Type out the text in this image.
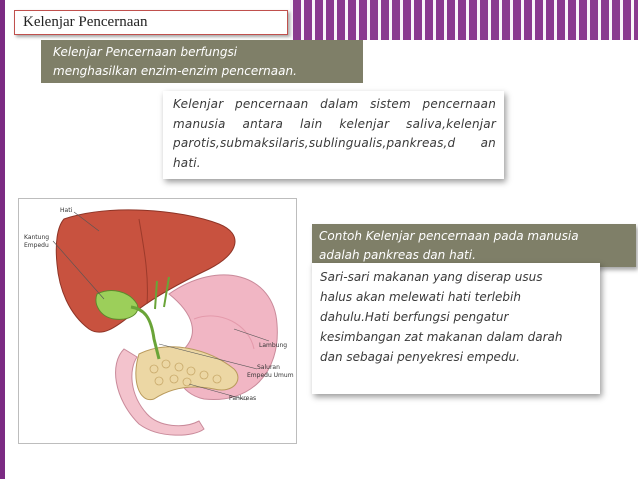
Kelenjar Pencernaan
Kelenjar Pencernaan berfungsi
menghasilkan enzim-enzim pencernaan.
Kelenjar pencernaan dalam sistem pencernaan manusia antara lain kelenjar saliva,kelenjar parotis,submaksilaris,sublingualis,pankreas,d an hati.
Hati
Kantung
Empedu
Lambung
Saluran
Empedu Umum
Pankreas
Contoh Kelenjar pencernaan pada manusia
adalah pankreas dan hati.
Sari-sari makanan yang diserap usus
halus akan melewati hati terlebih
dahulu.Hati berfungsi pengatur
kesimbangan zat makanan dalam darah
dan sebagai penyekresi empedu.
